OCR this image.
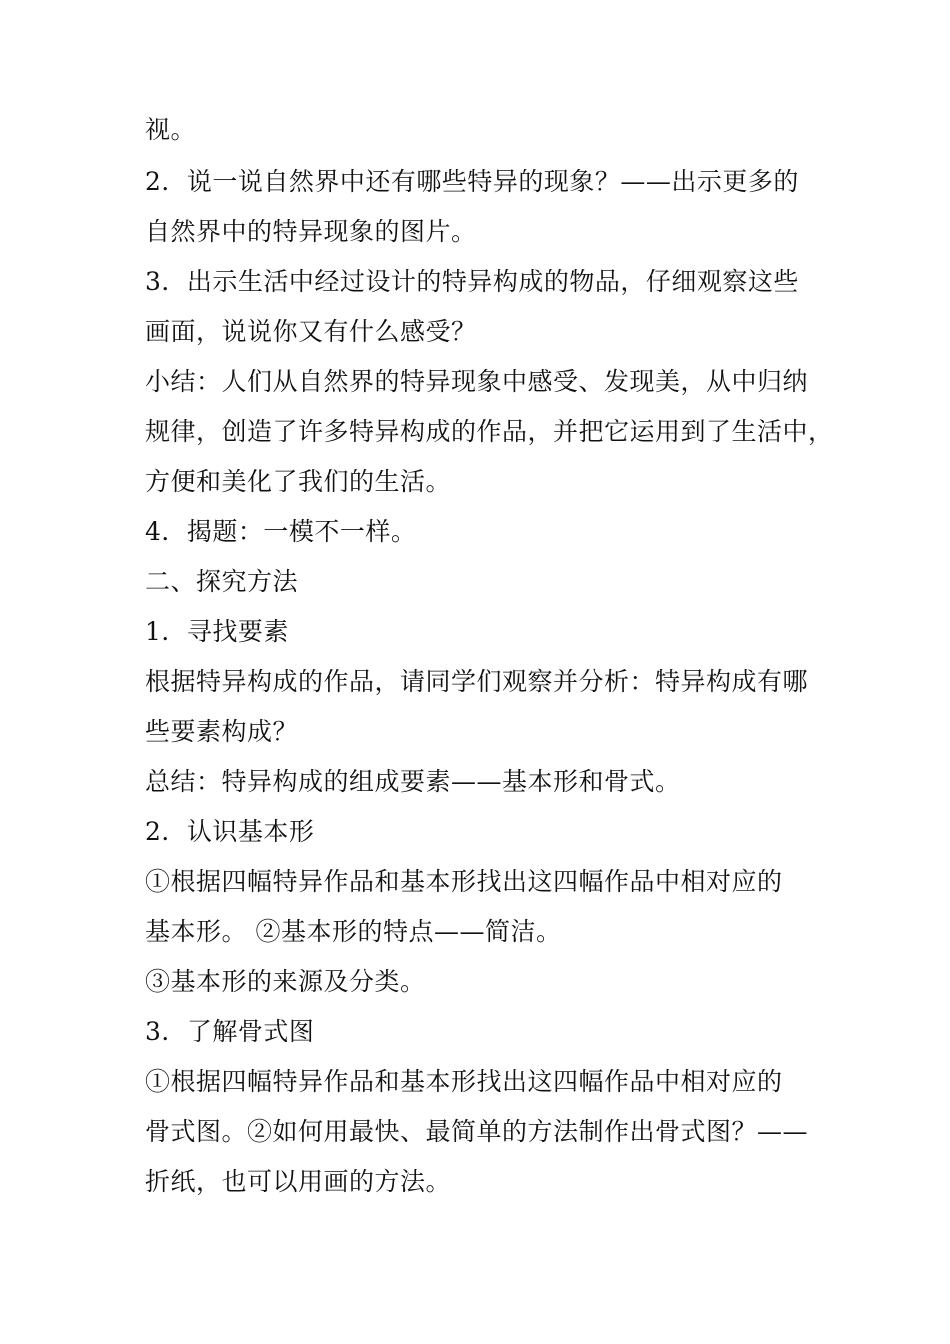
视。

2．说一说自然界中还有哪些特异的现象？——出示更多的

自然界中的特异现象的图片。

3．出示生活中经过设计的特异构成的物品，仔细观察这些

画面，说说你又有什么感受？

小结：人们从自然界的特异现象中感受、发现美，从中归纳

规律，创造了许多特异构成的作品，并把它运用到了生活中，

方便和美化了我们的生活。

4．揭题：一模不一样。

二、探究方法

1．寻找要素

根据特异构成的作品，请同学们观察并分析：特异构成有哪

些要素构成？

总结：特异构成的组成要素——基本形和骨式。

2．认识基本形

①根据四幅特异作品和基本形找出这四幅作品中相对应的

基本形。 ②基本形的特点——简洁。

③基本形的来源及分类。

3．了解骨式图

①根据四幅特异作品和基本形找出这四幅作品中相对应的

骨式图。②如何用最快、最简单的方法制作出骨式图？——

折纸，也可以用画的方法。
